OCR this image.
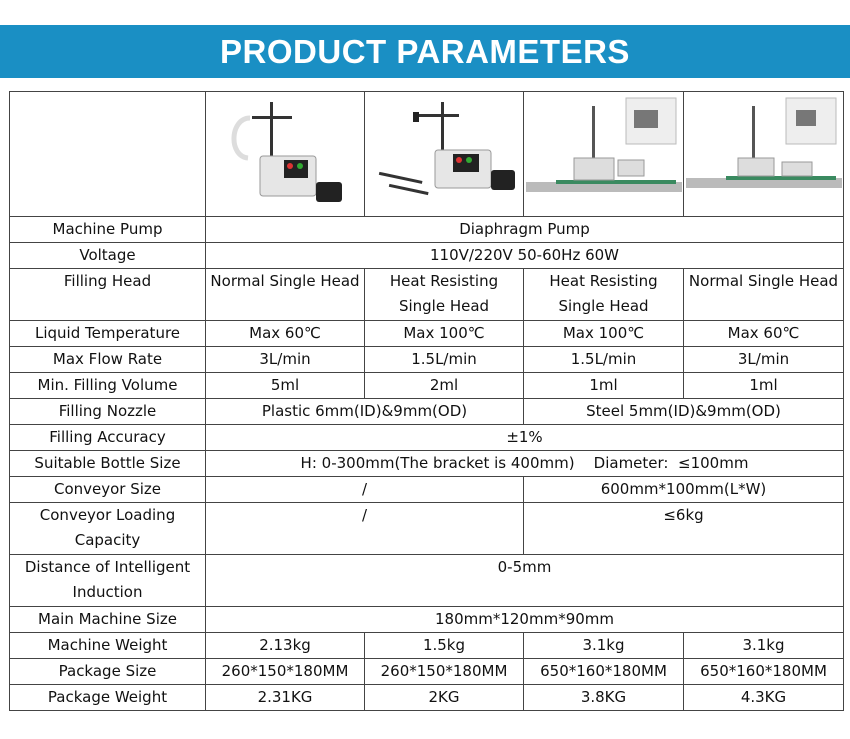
PRODUCT PARAMETERS

Machine Pump	Diaphragm Pump			
Voltage	110V/220V 50-60Hz 60W			
Filling Head	Normal Single Head	Heat Resisting Single Head	Heat Resisting Single Head	Normal Single Head
Liquid Temperature	Max 60℃	Max 100℃	Max 100℃	Max 60℃
Max Flow Rate	3L/min	1.5L/min	1.5L/min	3L/min
Min. Filling Volume	5ml	2ml	1ml	1ml
Filling Nozzle	Plastic 6mm(ID)&9mm(OD)		Steel 5mm(ID)&9mm(OD)	
Filling Accuracy	±1%			
Suitable Bottle Size	H: 0-300mm(The bracket is 400mm)    Diameter:  ≤100mm			
Conveyor Size	/		600mm*100mm(L*W)	
Conveyor Loading Capacity	/		≤6kg	
Distance of Intelligent Induction	0-5mm			
Main Machine Size	180mm*120mm*90mm			
Machine Weight	2.13kg	1.5kg	3.1kg	3.1kg
Package Size	260*150*180MM	260*150*180MM	650*160*180MM	650*160*180MM
Package Weight	2.31KG	2KG	3.8KG	4.3KG
